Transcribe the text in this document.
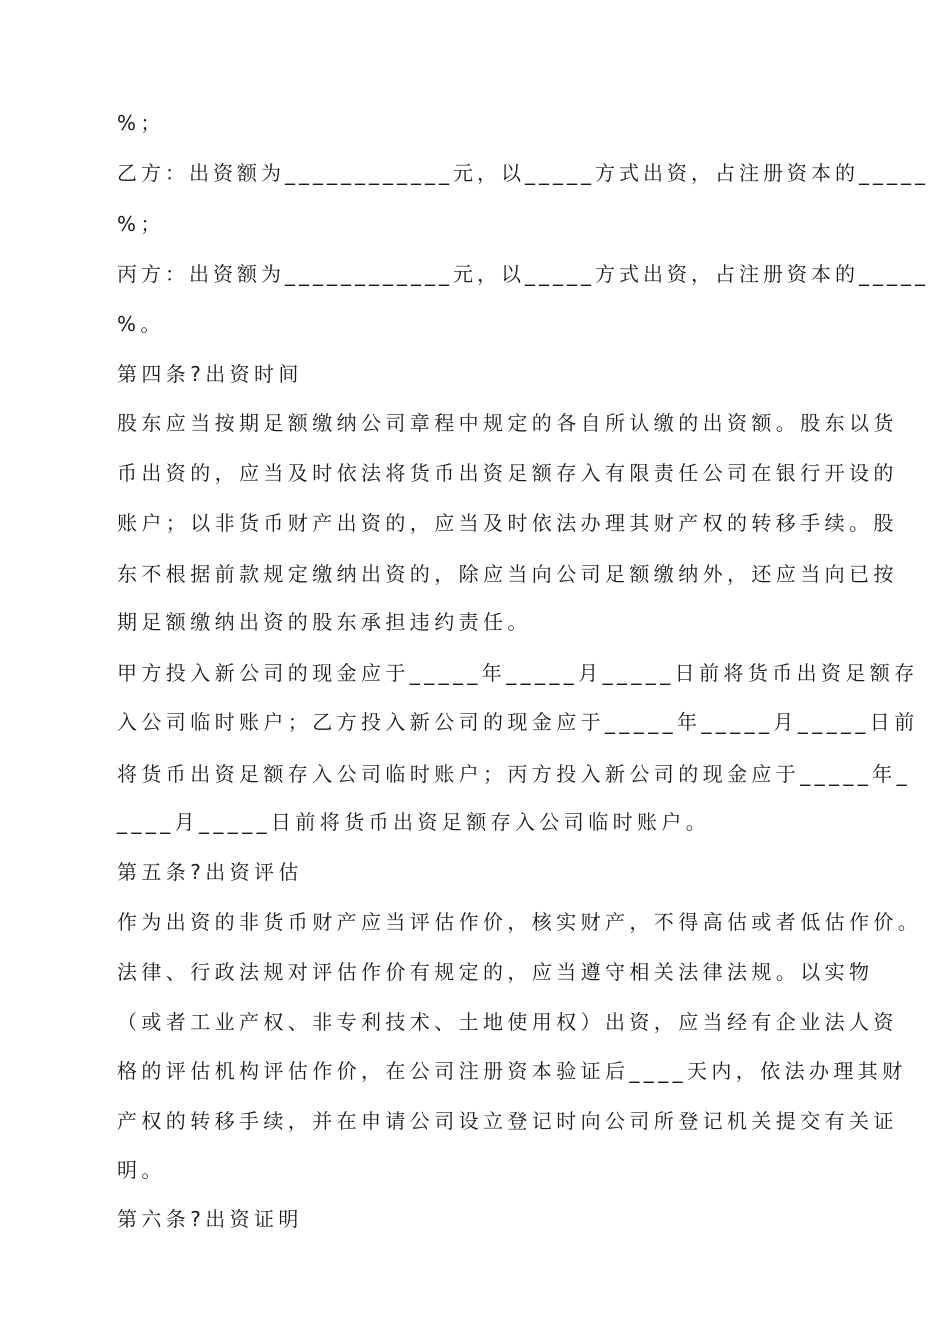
%；
乙方：出资额为____________元，以_____方式出资，占注册资本的_____
%；
丙方：出资额为____________元，以_____方式出资，占注册资本的_____
%。
第四条?出资时间
股东应当按期足额缴纳公司章程中规定的各自所认缴的出资额。股东以货
币出资的，应当及时依法将货币出资足额存入有限责任公司在银行开设的
账户；以非货币财产出资的，应当及时依法办理其财产权的转移手续。股
东不根据前款规定缴纳出资的，除应当向公司足额缴纳外，还应当向已按
期足额缴纳出资的股东承担违约责任。
甲方投入新公司的现金应于_____年_____月_____日前将货币出资足额存
入公司临时账户；乙方投入新公司的现金应于_____年_____月_____日前
将货币出资足额存入公司临时账户；丙方投入新公司的现金应于_____年_
____月_____日前将货币出资足额存入公司临时账户。
第五条?出资评估
作为出资的非货币财产应当评估作价，核实财产，不得高估或者低估作价。
法律、行政法规对评估作价有规定的，应当遵守相关法律法规。以实物
（或者工业产权、非专利技术、土地使用权）出资，应当经有企业法人资
格的评估机构评估作价，在公司注册资本验证后____天内，依法办理其财
产权的转移手续，并在申请公司设立登记时向公司所登记机关提交有关证
明。
第六条?出资证明
